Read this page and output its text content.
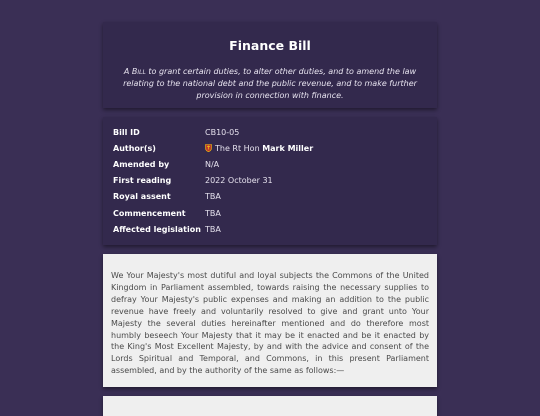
Finance Bill
A Bill to grant certain duties, to alter other duties, and to amend the law relating to the national debt and the public revenue, and to make further provision in connection with finance.
Bill ID	CB10-05
Author(s)	The Rt Hon Mark Miller
Amended by	N/A
First reading	2022 October 31
Royal assent	TBA
Commencement	TBA
Affected legislation	TBA

We Your Majesty's most dutiful and loyal subjects the Commons of the United Kingdom in Parliament assembled, towards raising the necessary supplies to defray Your Majesty's public expenses and making an addition to the public revenue have freely and voluntarily resolved to give and grant unto Your Majesty the several duties hereinafter mentioned and do therefore most humbly beseech Your Majesty that it may be it enacted and be it enacted by the King's Most Excellent Majesty, by and with the advice and consent of the Lords Spiritual and Temporal, and Commons, in this present Parliament assembled, and by the authority of the same as follows:—
